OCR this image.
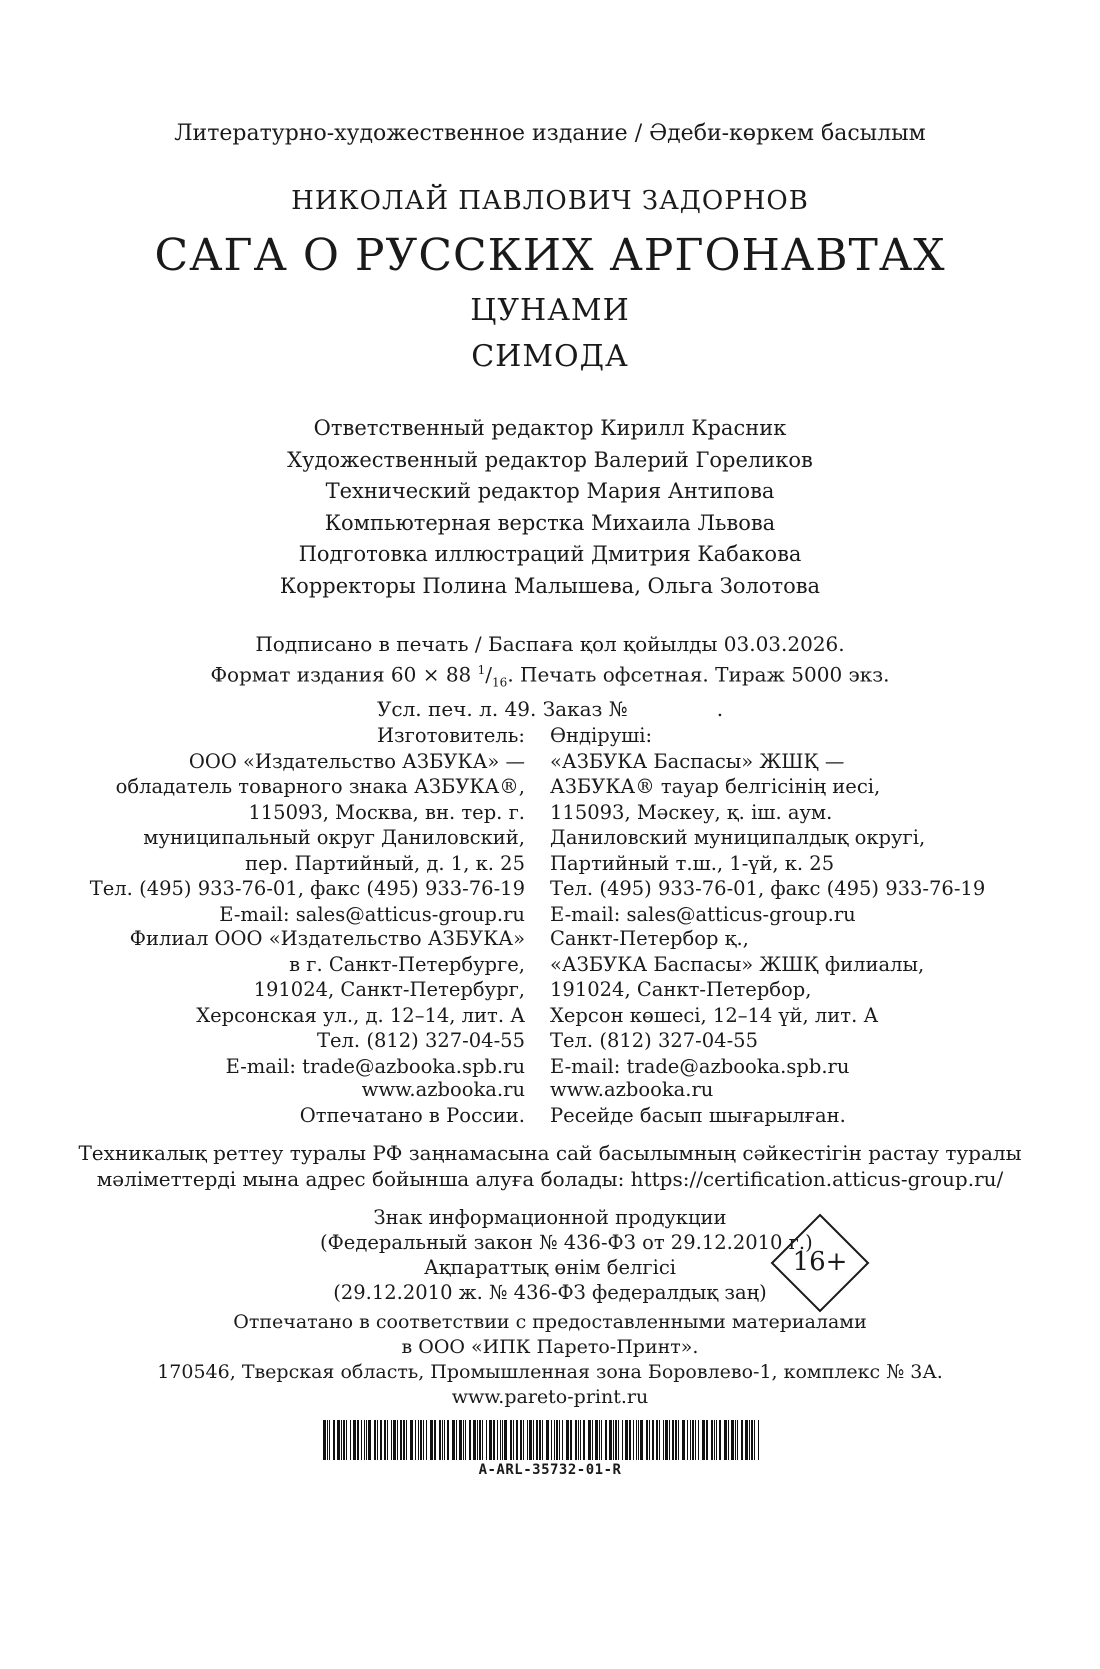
Литературно-художественное издание / Әдеби-көркем басылым
НИКОЛАЙ ПАВЛОВИЧ ЗАДОРНОВ
САГА О РУССКИХ АРГОНАВТАХ
ЦУНАМИ
СИМОДА
Ответственный редактор Кирилл Красник
Художественный редактор Валерий Гореликов
Технический редактор Мария Антипова
Компьютерная верстка Михаила Львова
Подготовка иллюстраций Дмитрия Кабакова
Корректоры Полина Малышева, Ольга Золотова
Подписано в печать / Баспаға қол қойылды 03.03.2026.
Формат издания 60 × 88 $^1/_{16}$. Печать офсетная. Тираж 5000 экз.
Усл. печ. л. 49. Заказ №              .
Изготовитель:
ООО «Издательство АЗБУКА» —
обладатель товарного знака АЗБУКА®,
115093, Москва, вн. тер. г.
муниципальный округ Даниловский,
пер. Партийный, д. 1, к. 25
Тел. (495) 933-76-01, факс (495) 933-76-19
E-mail: sales@atticus-group.ru
Өндіруші:
«АЗБУКА Баспасы» ЖШҚ —
АЗБУКА® тауар белгісінің иесі,
115093, Мәскеу, қ. іш. аум.
Даниловский муниципалдық округі,
Партийный т.ш., 1-үй, к. 25
Тел. (495) 933-76-01, факс (495) 933-76-19
E-mail: sales@atticus-group.ru
Филиал ООО «Издательство АЗБУКА»
в г. Санкт-Петербурге,
191024, Санкт-Петербург,
Херсонская ул., д. 12–14, лит. А
Тел. (812) 327-04-55
E-mail: trade@azbooka.spb.ru
Санкт-Петербор қ.,
«АЗБУКА Баспасы» ЖШҚ филиалы,
191024, Санкт-Петербор,
Херсон көшесі, 12–14 үй, лит. А
Тел. (812) 327-04-55
E-mail: trade@azbooka.spb.ru
www.azbooka.ru
Отпечатано в России.
www.azbooka.ru
Ресейде басып шығарылған.
Техникалық реттеу туралы РФ заңнамасына сай басылымның сәйкестігін растау туралы
мәліметтерді мына адрес бойынша алуға болады: https://certification.atticus-group.ru/
Знак информационной продукции
(Федеральный закон № 436-ФЗ от 29.12.2010 г.)
Ақпараттық өнім белгісі
(29.12.2010 ж. № 436-ФЗ федералдық заң)
16+
Отпечатано в соответствии с предоставленными материалами
в ООО «ИПК Парето-Принт».
170546, Тверская область, Промышленная зона Боровлево-1, комплекс № 3А.
www.pareto-print.ru
A-ARL-35732-01-R
